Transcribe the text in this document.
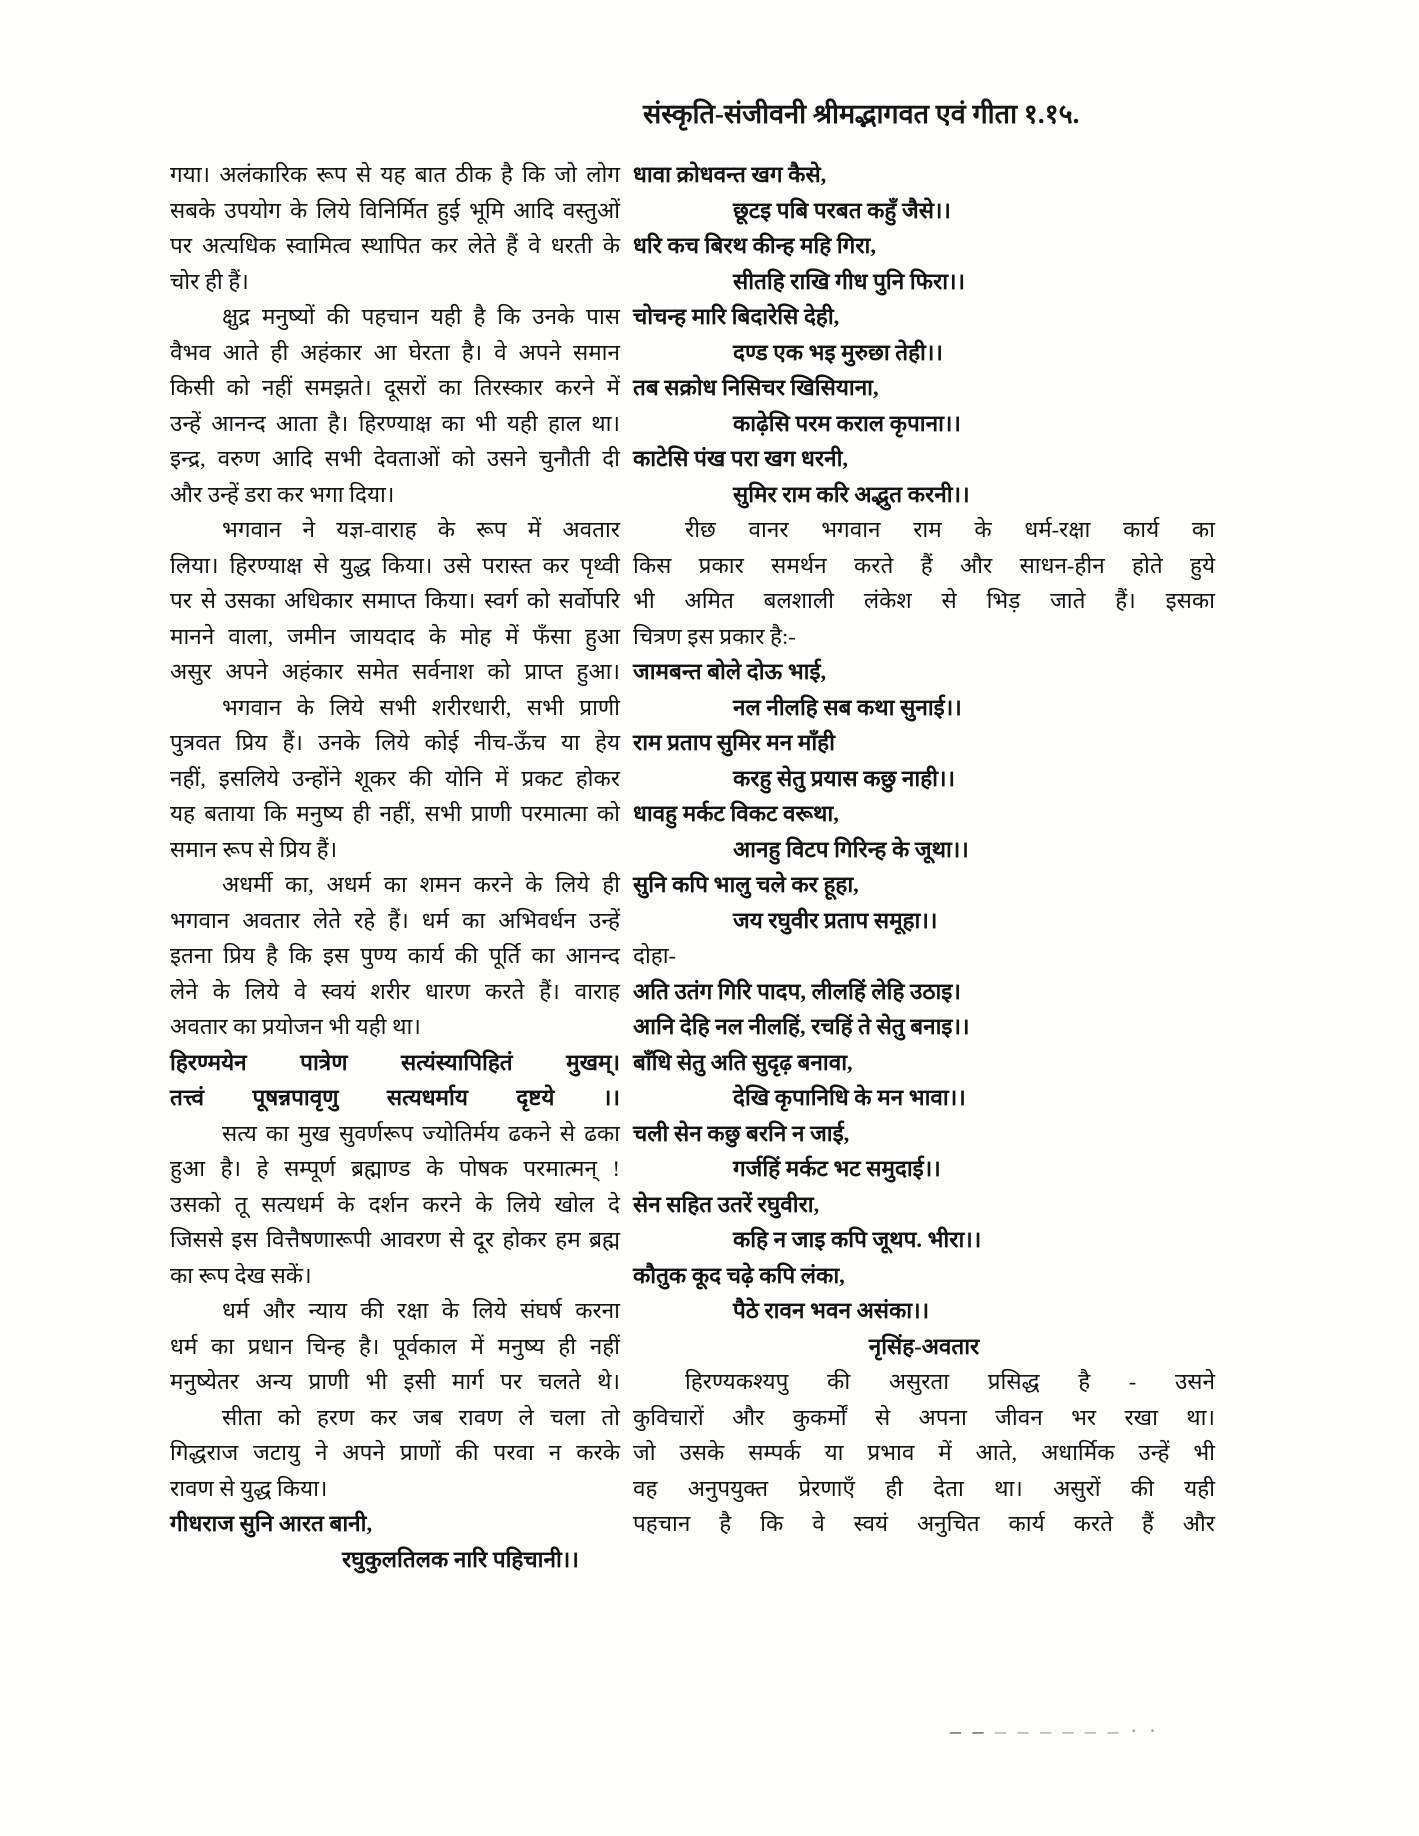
संस्कृति-संजीवनी श्रीमद्भागवत एवं गीता १.१५.
गया। अलंकारिक रूप से यह बात ठीक है कि जो लोग
सबके उपयोग के लिये विनिर्मित हुई भूमि आदि वस्तुओं
पर अत्यधिक स्वामित्व स्थापित कर लेते हैं वे धरती के
चोर ही हैं।
क्षुद्र मनुष्यों की पहचान यही है कि उनके पास
वैभव आते ही अहंकार आ घेरता है। वे अपने समान
किसी को नहीं समझते। दूसरों का तिरस्कार करने में
उन्हें आनन्द आता है। हिरण्याक्ष का भी यही हाल था।
इन्द्र, वरुण आदि सभी देवताओं को उसने चुनौती दी
और उन्हें डरा कर भगा दिया।
भगवान ने यज्ञ-वाराह के रूप में अवतार
लिया। हिरण्याक्ष से युद्ध किया। उसे परास्त कर पृथ्वी
पर से उसका अधिकार समाप्त किया। स्वर्ग को सर्वोपरि
मानने वाला, जमीन जायदाद के मोह में फँसा हुआ
असुर अपने अहंकार समेत सर्वनाश को प्राप्त हुआ।
भगवान के लिये सभी शरीरधारी, सभी प्राणी
पुत्रवत प्रिय हैं। उनके लिये कोई नीच-ऊँच या हेय
नहीं, इसलिये उन्होंने शूकर की योनि में प्रकट होकर
यह बताया कि मनुष्य ही नहीं, सभी प्राणी परमात्मा को
समान रूप से प्रिय हैं।
अधर्मी का, अधर्म का शमन करने के लिये ही
भगवान अवतार लेते रहे हैं। धर्म का अभिवर्धन उन्हें
इतना प्रिय है कि इस पुण्य कार्य की पूर्ति का आनन्द
लेने के लिये वे स्वयं शरीर धारण करते हैं। वाराह
अवतार का प्रयोजन भी यही था।
हिरण्मयेन पात्रेण सत्यंस्यापिहितं मुखम्।
तत्त्वं पूषन्नपावृणु सत्यधर्माय दृष्टये ।।
सत्य का मुख सुवर्णरूप ज्योतिर्मय ढकने से ढका
हुआ है। हे सम्पूर्ण ब्रह्माण्ड के पोषक परमात्मन् !
उसको तू सत्यधर्म के दर्शन करने के लिये खोल दे
जिससे इस वित्तैषणारूपी आवरण से दूर होकर हम ब्रह्म
का रूप देख सकें।
धर्म और न्याय की रक्षा के लिये संघर्ष करना
धर्म का प्रधान चिन्ह है। पूर्वकाल में मनुष्य ही नहीं
मनुष्येतर अन्य प्राणी भी इसी मार्ग पर चलते थे।
सीता को हरण कर जब रावण ले चला तो
गिद्धराज जटायु ने अपने प्राणों की परवा न करके
रावण से युद्ध किया।
गीधराज सुनि आरत बानी,
रघुकुलतिलक नारि पहिचानी।।
धावा क्रोधवन्त खग कैसे,
छूटइ पबि परबत कहुँ जैसे।।
धरि कच बिरथ कीन्ह महि गिरा,
सीतहि राखि गीध पुनि फिरा।।
चोचन्ह मारि बिदारेसि देही,
दण्ड एक भइ मुरुछा तेही।।
तब सक्रोध निसिचर खिसियाना,
काढ़ेसि परम कराल कृपाना।।
काटेसि पंख परा खग धरनी,
सुमिर राम करि अद्भुत करनी।।
रीछ वानर भगवान राम के धर्म-रक्षा कार्य का
किस प्रकार समर्थन करते हैं और साधन-हीन होते हुये
भी अमित बलशाली लंकेश से भिड़ जाते हैं। इसका
चित्रण इस प्रकार है:-
जामबन्त बोले दोऊ भाई,
नल नीलहि सब कथा सुनाई।।
राम प्रताप सुमिर मन माँही
करहु सेतु प्रयास कछु नाही।।
धावहु मर्कट विकट वरूथा,
आनहु विटप गिरिन्ह के जूथा।।
सुनि कपि भालु चले कर हूहा,
जय रघुवीर प्रताप समूहा।।
दोहा-
अति उतंग गिरि पादप, लीलहिं लेहि उठाइ।
आनि देहि नल नीलहिं, रचहिं ते सेतु बनाइ।।
बाँधि सेतु अति सुदृढ़ बनावा,
देखि कृपानिधि के मन भावा।।
चली सेन कछु बरनि न जाई,
गर्जहिं मर्कट भट समुदाई।।
सेन सहित उतरें रघुवीरा,
कहि न जाइ कपि जूथप. भीरा।।
कौतुक कूद चढ़े कपि लंका,
पैठे रावन भवन असंका।।
नृसिंह-अवतार
हिरण्यकश्यपु की असुरता प्रसिद्ध है - उसने
कुविचारों और कुकर्मों से अपना जीवन भर रखा था।
जो उसके सम्पर्क या प्रभाव में आते, अधार्मिक उन्हें भी
वह अनुपयुक्त प्रेरणाएँ ही देता था। असुरों की यही
पहचान है कि वे स्वयं अनुचित कार्य करते हैं और
– – – – – – – – · ·
